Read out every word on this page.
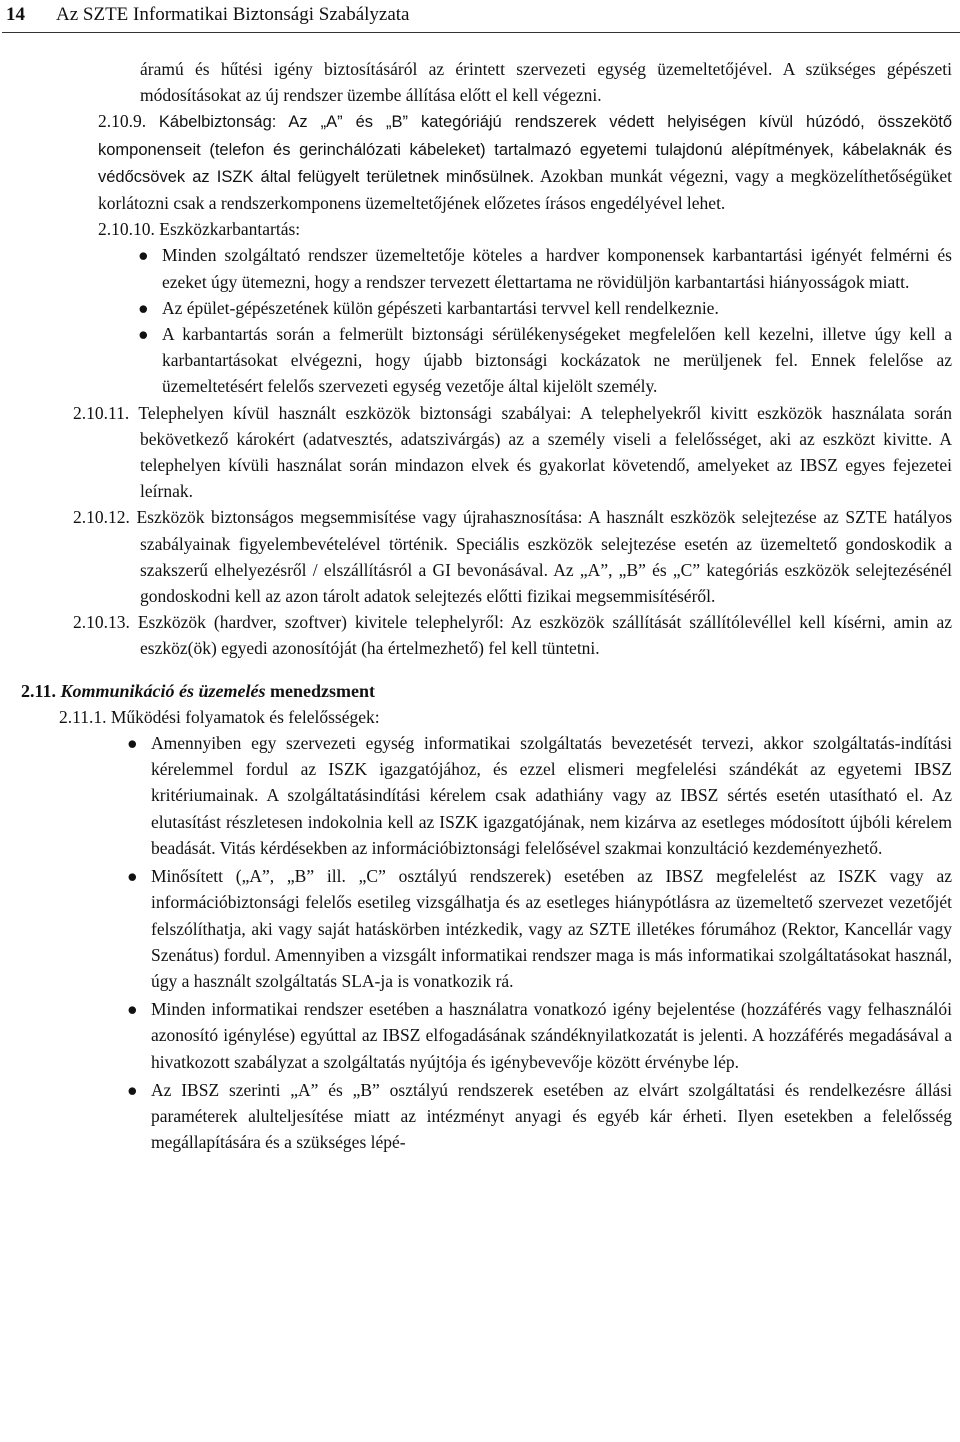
14 Az SZTE Informatikai Biztonsági Szabályzata
áramú és hűtési igény biztosításáról az érintett szervezeti egység üzemeltetőjével. A szükséges gépészeti módosításokat az új rendszer üzembe állítása előtt el kell végezni.
2.10.9. Kábelbiztonság: Az „A” és „B” kategóriájú rendszerek védett helyiségen kívül húzódó, összekötő komponenseit (telefon és gerinchálózati kábeleket) tartalmazó egyetemi tulajdonú alépítmények, kábelaknák és védőcsövek az ISZK által felügyelt területnek minősülnek. Azokban munkát végezni, vagy a megközelíthetőségüket korlátozni csak a rendszerkomponens üzemeltetőjének előzetes írásos engedélyével lehet.
2.10.10. Eszközkarbantartás:
● Minden szolgáltató rendszer üzemeltetője köteles a hardver komponensek karbantartási igényét felmérni és ezeket úgy ütemezni, hogy a rendszer tervezett élettartama ne rövidüljön karbantartási hiányosságok miatt.
● Az épület-gépészetének külön gépészeti karbantartási tervvel kell rendelkeznie.
● A karbantartás során a felmerült biztonsági sérülékenységeket megfelelően kell kezelni, illetve úgy kell a karbantartásokat elvégezni, hogy újabb biztonsági kockázatok ne merüljenek fel. Ennek felelőse az üzemeltetésért felelős szervezeti egység vezetője által kijelölt személy.
2.10.11. Telephelyen kívül használt eszközök biztonsági szabályai: A telephelyekről kivitt eszközök használata során bekövetkező károkért (adatvesztés, adatszivárgás) az a személy viseli a felelősséget, aki az eszközt kivitte. A telephelyen kívüli használat során mindazon elvek és gyakorlat követendő, amelyeket az IBSZ egyes fejezetei leírnak.
2.10.12. Eszközök biztonságos megsemmisítése vagy újrahasznosítása: A használt eszközök selejtezése az SZTE hatályos szabályainak figyelembevételével történik. Speciális eszközök selejtezése esetén az üzemeltető gondoskodik a szakszerű elhelyezésről / elszállításról a GI bevonásával. Az „A”, „B” és „C” kategóriás eszközök selejtezésénél gondoskodni kell az azon tárolt adatok selejtezés előtti fizikai megsemmisítéséről.
2.10.13. Eszközök (hardver, szoftver) kivitele telephelyről: Az eszközök szállítását szállítólevéllel kell kísérni, amin az eszköz(ök) egyedi azonosítóját (ha értelmezhető) fel kell tüntetni.
2.11. Kommunikáció és üzemelés menedzsment
2.11.1. Működési folyamatok és felelősségek:
● Amennyiben egy szervezeti egység informatikai szolgáltatás bevezetését tervezi, akkor szolgáltatás-indítási kérelemmel fordul az ISZK igazgatójához, és ezzel elismeri megfelelési szándékát az egyetemi IBSZ kritériumainak. A szolgáltatásindítási kérelem csak adathiány vagy az IBSZ sértés esetén utasítható el. Az elutasítást részletesen indokolnia kell az ISZK igazgatójának, nem kizárva az esetleges módosított újbóli kérelem beadását. Vitás kérdésekben az információbiztonsági felelősével szakmai konzultáció kezdeményezhető.
● Minősített („A”, „B” ill. „C” osztályú rendszerek) esetében az IBSZ megfelelést az ISZK vagy az információbiztonsági felelős esetileg vizsgálhatja és az esetleges hiánypótlásra az üzemeltető szervezet vezetőjét felszólíthatja, aki vagy saját hatáskörben intézkedik, vagy az SZTE illetékes fórumához (Rektor, Kancellár vagy Szenátus) fordul. Amennyiben a vizsgált informatikai rendszer maga is más informatikai szolgáltatásokat használ, úgy a használt szolgáltatás SLA-ja is vonatkozik rá.
● Minden informatikai rendszer esetében a használatra vonatkozó igény bejelentése (hozzáférés vagy felhasználói azonosító igénylése) egyúttal az IBSZ elfogadásának szándéknyilatkozatát is jelenti. A hozzáférés megadásával a hivatkozott szabályzat a szolgáltatás nyújtója és igénybevevője között érvénybe lép.
● Az IBSZ szerinti „A” és „B” osztályú rendszerek esetében az elvárt szolgáltatási és rendelkezésre állási paraméterek alulteljesítése miatt az intézményt anyagi és egyéb kár érheti. Ilyen esetekben a felelősség megállapítására és a szükséges lépé-
